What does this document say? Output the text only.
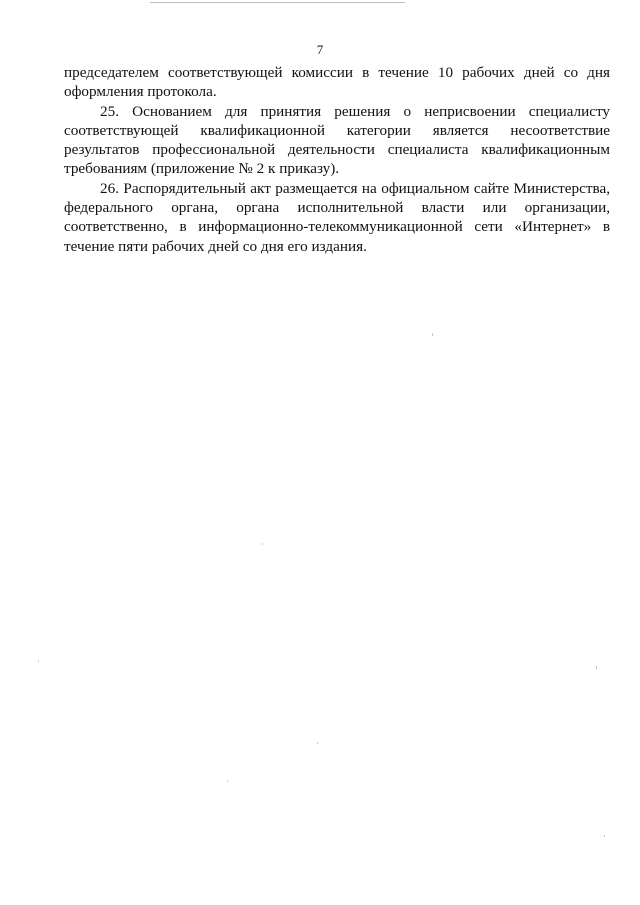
7

председателем соответствующей комиссии в течение 10 рабочих дней со дня оформления протокола.

25. Основанием для принятия решения о неприсвоении специалисту соответствующей квалификационной категории является несоответствие результатов профессиональной деятельности специалиста квалификационным требованиям (приложение № 2 к приказу).

26. Распорядительный акт размещается на официальном сайте Министерства, федерального органа, органа исполнительной власти или организации, соответственно, в информационно-телекоммуникационной сети «Интернет» в течение пяти рабочих дней со дня его издания.
